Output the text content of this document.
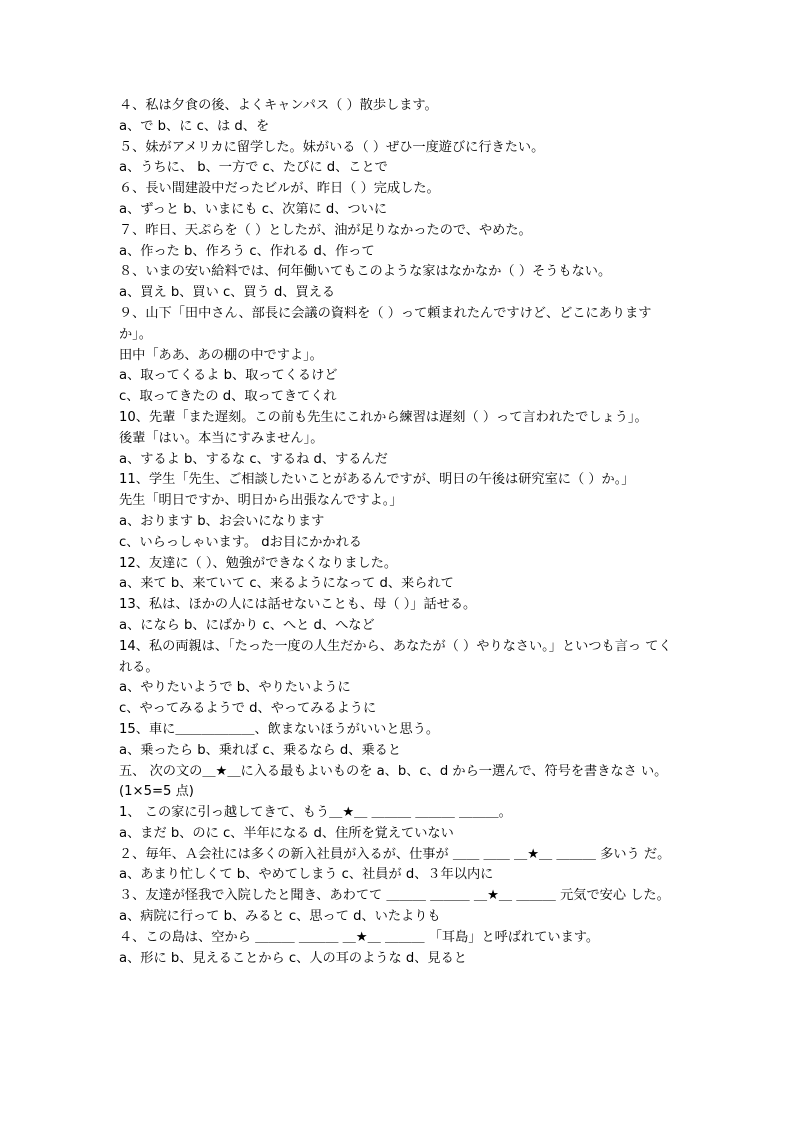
４、私は夕食の後、よくキャンパス（ ）散歩します。
a、で b、に c、は d、を
５、妹がアメリカに留学した。妹がいる（ ）ぜひ一度遊びに行きたい。
a、うちに、 b、一方で c、たびに d、ことで
６、長い間建設中だったビルが、昨日（ ）完成した。
a、ずっと b、いまにも c、次第に d、ついに
７、昨日、天ぷらを（ ）としたが、油が足りなかったので、やめた。
a、作った b、作ろう c、作れる d、作って
８、いまの安い給料では、何年働いてもこのような家はなかなか（ ）そうもない。
a、買え b、買い c、買う d、買える
９、山下「田中さん、部長に会議の資料を（ ）って頼まれたんですけど、どこにあります か」。
田中「ああ、あの棚の中ですよ」。
a、取ってくるよ b、取ってくるけど
c、取ってきたの d、取ってきてくれ
10、先輩「また遅刻。この前も先生にこれから練習は遅刻（ ）って言われたでしょう」。
後輩「はい。本当にすみません」。
a、するよ b、するな c、するね d、するんだ
11、学生「先生、ご相談したいことがあるんですが、明日の午後は研究室に（ ）か。」
先生「明日ですか、明日から出張なんですよ。」
a、おります b、お会いになります
c、いらっしゃいます。 dお目にかかれる
12、友達に（ ）、勉強ができなくなりました。
a、来て b、来ていて c、来るようになって d、来られて
13、私は、ほかの人には話せないことも、母（ ）」話せる。
a、になら b、にばかり c、へと d、へなど
14、私の両親は、「たった一度の人生だから、あなたが（ ）やりなさい。」といつも言っ てくれる。
a、やりたいようで b、やりたいように
c、やってみるようで d、やってみるように
15、車に＿＿＿＿＿＿、飲まないほうがいいと思う。
a、乗ったら b、乗れば c、乗るなら d、乗ると
五、 次の文の＿★＿に入る最もよいものを a、b、c、d から一選んで、符号を書きなさ い。(1×5=5 点)
1、 この家に引っ越してきて、もう＿★＿ ＿＿＿ ＿＿＿ ＿＿＿。
a、まだ b、のに c、半年になる d、住所を覚えていない
２、毎年、Ａ会社には多くの新入社員が入るが、仕事が ＿＿ ＿＿ ＿★＿ ＿＿＿ 多いう だ。
a、あまり忙しくて b、やめてしまう c、社員が d、３年以内に
３、友達が怪我で入院したと聞き、あわてて ＿＿＿ ＿＿＿ ＿★＿ ＿＿＿ 元気で安心 した。
a、病院に行って b、みると c、思って d、いたよりも
４、この島は、空から ＿＿＿ ＿＿＿ ＿★＿ ＿＿＿ 「耳島」と呼ばれています。
a、形に b、見えることから c、人の耳のような d、見ると
